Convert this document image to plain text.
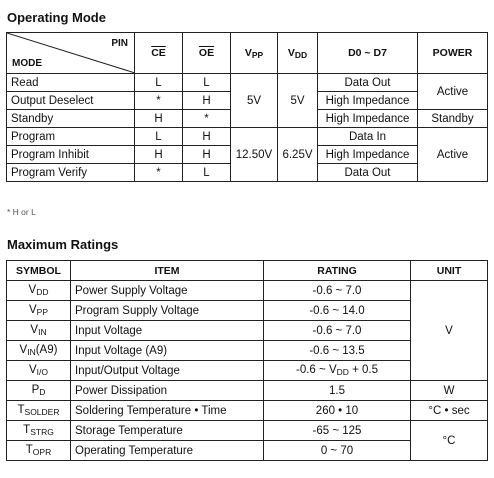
Operating Mode
PIN
MODE	$\overline{CE}$	$\overline{OE}$	$V_{PP}$	$V_{DD}$	D0 ~ D7	POWER
Read	L	L	5V	5V	Data Out	Active
Output Deselect	*	H			High Impedance	
Standby	H	*			High Impedance	Standby
Program	L	H	12.50V	6.25V	Data In	Active
Program Inhibit	H	H			High Impedance	
Program Verify	*	L			Data Out	
* H or L
Maximum Ratings
SYMBOL	ITEM	RATING	UNIT
$V_{DD}$	Power Supply Voltage	-0.6 ~ 7.0	V
$V_{PP}$	Program Supply Voltage	-0.6 ~ 14.0	
$V_{IN}$	Input Voltage	-0.6 ~ 7.0	
$V_{IN}(A9)$	Input Voltage (A9)	-0.6 ~ 13.5	
$V_{I/O}$	Input/Output Voltage	-0.6 ~ $V_{DD} + 0.5$	
$P_D$	Power Dissipation	1.5	W
$T_{SOLDER}$	Soldering Temperature • Time	260 • 10	°C • sec
$T_{STRG}$	Storage Temperature	-65 ~ 125	°C
$T_{OPR}$	Operating Temperature	0 ~ 70	
